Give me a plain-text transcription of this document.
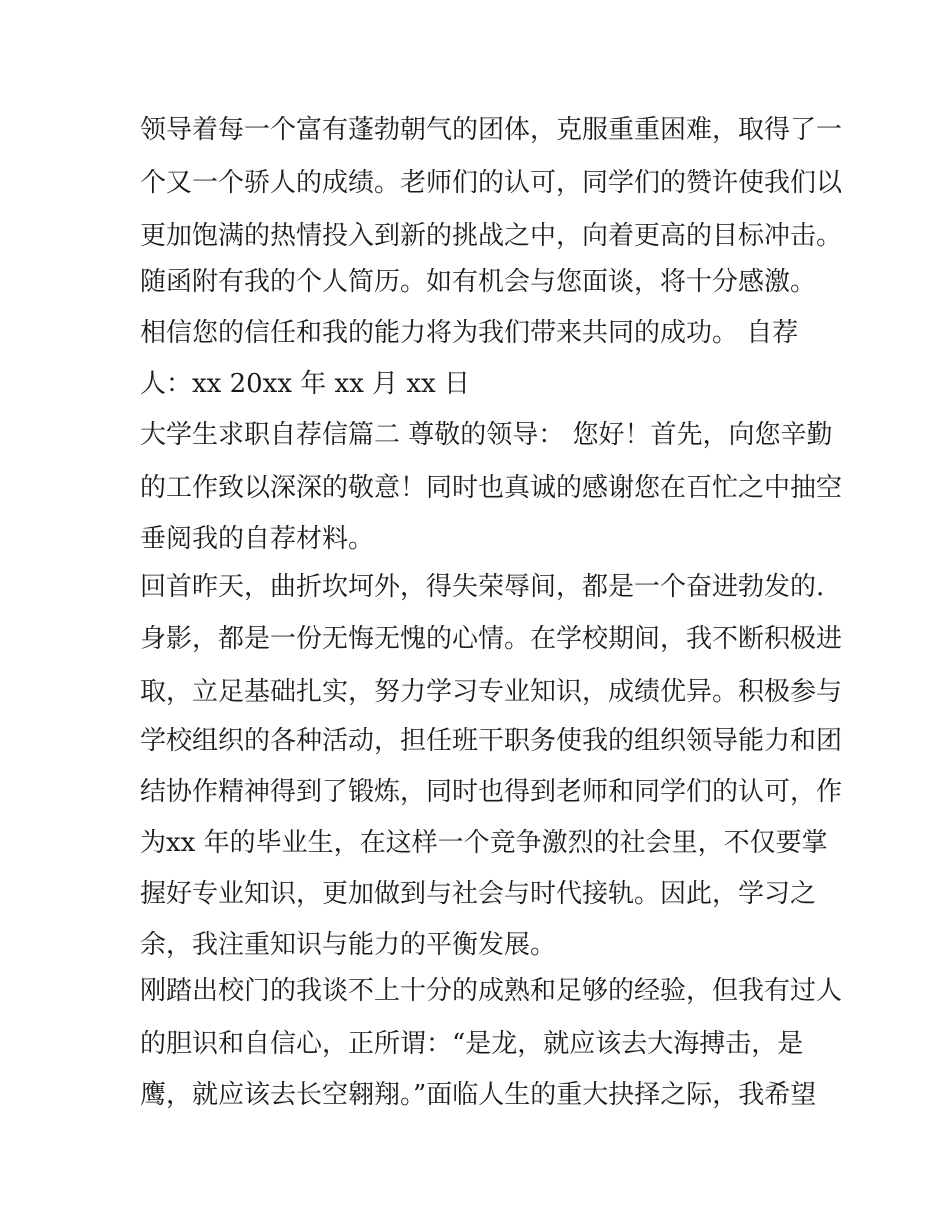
领导着每一个富有蓬勃朝气的团体，克服重重困难，取得了一

个又一个骄人的成绩。老师们的认可，同学们的赞许使我们以

更加饱满的热情投入到新的挑战之中，向着更高的目标冲击。

随函附有我的个人简历。如有机会与您面谈，将十分感激。

相信您的信任和我的能力将为我们带来共同的成功。 自荐

人：xx 20xx 年 xx 月 xx 日

大学生求职自荐信篇二 尊敬的领导： 您好！首先，向您辛勤

的工作致以深深的敬意！同时也真诚的感谢您在百忙之中抽空

垂阅我的自荐材料。

回首昨天，曲折坎坷外，得失荣辱间，都是一个奋进勃发的.

身影，都是一份无悔无愧的心情。在学校期间，我不断积极进

取，立足基础扎实，努力学习专业知识，成绩优异。积极参与

学校组织的各种活动，担任班干职务使我的组织领导能力和团

结协作精神得到了锻炼，同时也得到老师和同学们的认可，作

为xx 年的毕业生，在这样一个竞争激烈的社会里，不仅要掌

握好专业知识，更加做到与社会与时代接轨。因此，学习之

余，我注重知识与能力的平衡发展。

刚踏出校门的我谈不上十分的成熟和足够的经验，但我有过人

的胆识和自信心，正所谓：“是龙，就应该去大海搏击，是

鹰，就应该去长空翱翔。”面临人生的重大抉择之际，我希望
